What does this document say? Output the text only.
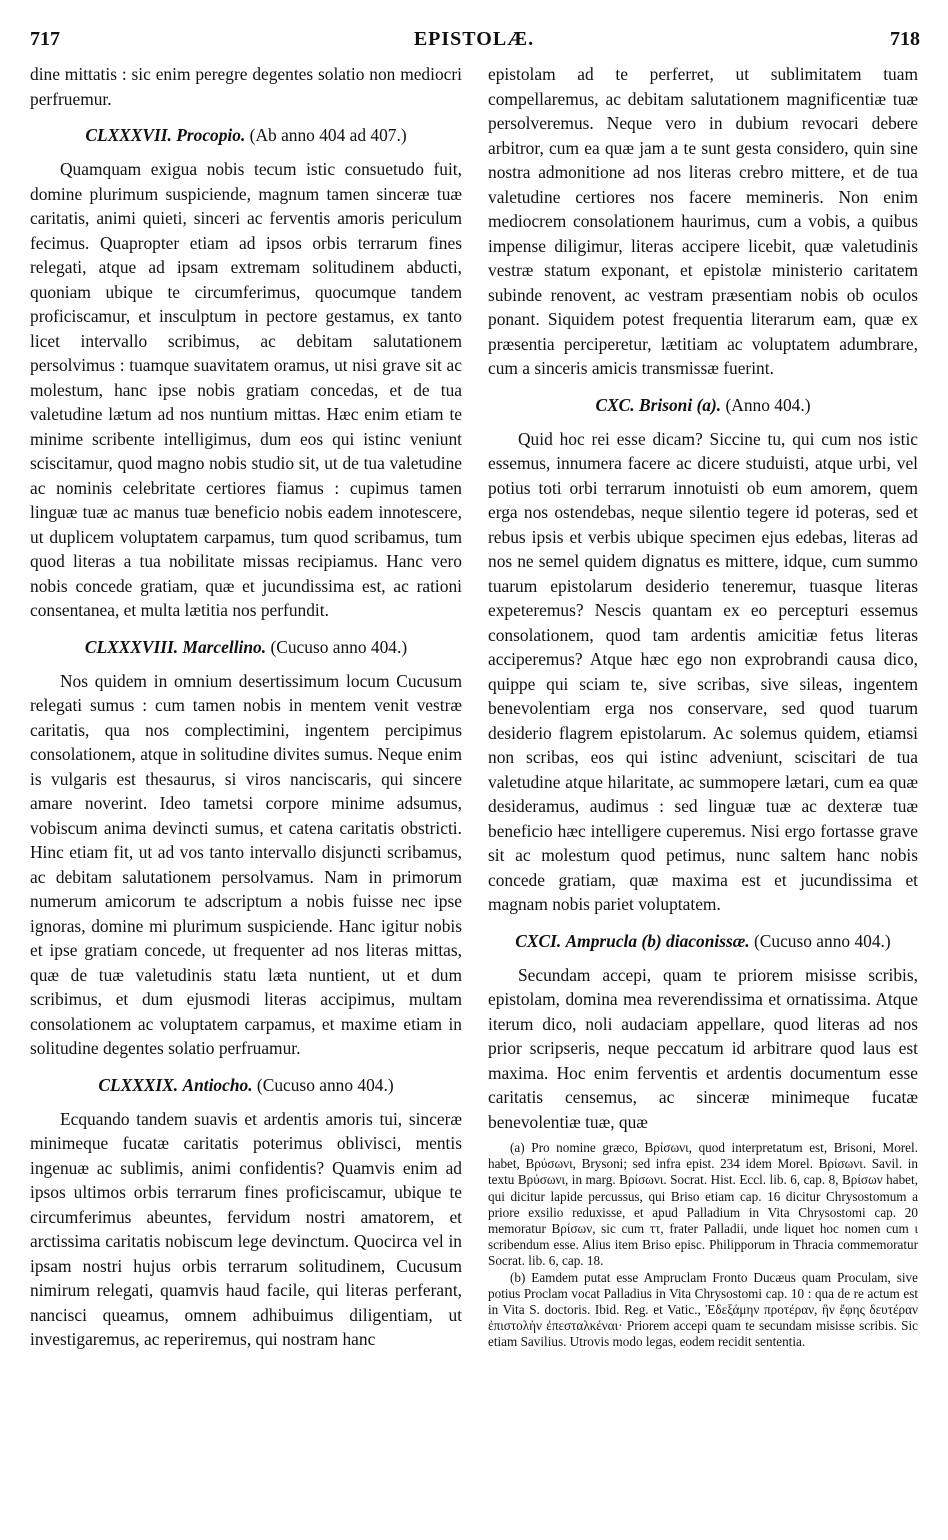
717	EPISTOLÆ.	718

dine mittatis : sic enim peregre degentes solatio non mediocri perfruemur.

CLXXXVII. Procopio. (Ab anno 404 ad 407.)

Quamquam exigua nobis tecum istic consuetudo fuit, domine plurimum suspiciende, magnum tamen sinceræ tuæ caritatis, animi quieti, sinceri ac ferventis amoris periculum fecimus. Quapropter etiam ad ipsos orbis terrarum fines relegati, atque ad ipsam extremam solitudinem abducti, quoniam ubique te circumferimus, quocumque tandem proficiscamur, et insculptum in pectore gestamus, ex tanto licet intervallo scribimus, ac debitam salutationem persolvimus : tuamque suavitatem oramus, ut nisi grave sit ac molestum, hanc ipse nobis gratiam concedas, et de tua valetudine lætum ad nos nuntium mittas. Hæc enim etiam te minime scribente intelligimus, dum eos qui istinc veniunt sciscitamur, quod magno nobis studio sit, ut de tua valetudine ac nominis celebritate certiores fiamus : cupimus tamen linguæ tuæ ac manus tuæ beneficio nobis eadem innotescere, ut duplicem voluptatem carpamus, tum quod scribamus, tum quod literas a tua nobilitate missas recipiamus. Hanc vero nobis concede gratiam, quæ et jucundissima est, ac rationi consentanea, et multa lætitia nos perfundit.

CLXXXVIII. Marcellino. (Cucuso anno 404.)

Nos quidem in omnium desertissimum locum Cucusum relegati sumus : cum tamen nobis in mentem venit vestræ caritatis, qua nos complectimini, ingentem percipimus consolationem, atque in solitudine divites sumus. Neque enim is vulgaris est thesaurus, si viros nanciscaris, qui sincere amare noverint. Ideo tametsi corpore minime adsumus, vobiscum anima devincti sumus, et catena caritatis obstricti. Hinc etiam fit, ut ad vos tanto intervallo disjuncti scribamus, ac debitam salutationem persolvamus. Nam in primorum numerum amicorum te adscriptum a nobis fuisse nec ipse ignoras, domine mi plurimum suspiciende. Hanc igitur nobis et ipse gratiam concede, ut frequenter ad nos literas mittas, quæ de tuæ valetudinis statu læta nuntient, ut et dum scribimus, et dum ejusmodi literas accipimus, multam consolationem ac voluptatem carpamus, et maxime etiam in solitudine degentes solatio perfruamur.

CLXXXIX. Antiocho. (Cucuso anno 404.)

Ecquando tandem suavis et ardentis amoris tui, sinceræ minimeque fucatæ caritatis poterimus oblivisci, mentis ingenuæ ac sublimis, animi confidentis? Quamvis enim ad ipsos ultimos orbis terrarum fines proficiscamur, ubique te circumferimus abeuntes, fervidum nostri amatorem, et arctissima caritatis nobiscum lege devinctum. Quocirca vel in ipsam nostri hujus orbis terrarum solitudinem, Cucusum nimirum relegati, quamvis haud facile, qui literas perferant, nancisci queamus, omnem adhibuimus diligentiam, ut investigaremus, ac reperiremus, qui nostram hanc

epistolam ad te perferret, ut sublimitatem tuam compellaremus, ac debitam salutationem magnificentiæ tuæ persolveremus. Neque vero in dubium revocari debere arbitror, cum ea quæ jam a te sunt gesta considero, quin sine nostra admonitione ad nos literas crebro mittere, et de tua valetudine certiores nos facere memineris. Non enim mediocrem consolationem haurimus, cum a vobis, a quibus impense diligimur, literas accipere licebit, quæ valetudinis vestræ statum exponant, et epistolæ ministerio caritatem subinde renovent, ac vestram præsentiam nobis ob oculos ponant. Siquidem potest frequentia literarum eam, quæ ex præsentia perciperetur, lætitiam ac voluptatem adumbrare, cum a sinceris amicis transmissæ fuerint.

CXC. Brisoni (a). (Anno 404.)

Quid hoc rei esse dicam? Siccine tu, qui cum nos istic essemus, innumera facere ac dicere studuisti, atque urbi, vel potius toti orbi terrarum innotuisti ob eum amorem, quem erga nos ostendebas, neque silentio tegere id poteras, sed et rebus ipsis et verbis ubique specimen ejus edebas, literas ad nos ne semel quidem dignatus es mittere, idque, cum summo tuarum epistolarum desiderio teneremur, tuasque literas expeteremus? Nescis quantam ex eo percepturi essemus consolationem, quod tam ardentis amicitiæ fetus literas acciperemus? Atque hæc ego non exprobrandi causa dico, quippe qui sciam te, sive scribas, sive sileas, ingentem benevolentiam erga nos conservare, sed quod tuarum desiderio flagrem epistolarum. Ac solemus quidem, etiamsi non scribas, eos qui istinc adveniunt, sciscitari de tua valetudine atque hilaritate, ac summopere lætari, cum ea quæ desideramus, audimus : sed linguæ tuæ ac dexteræ tuæ beneficio hæc intelligere cuperemus. Nisi ergo fortasse grave sit ac molestum quod petimus, nunc saltem hanc nobis concede gratiam, quæ maxima est et jucundissima et magnam nobis pariet voluptatem.

CXCI. Amprucla (b) diaconissæ. (Cucuso anno 404.)

Secundam accepi, quam te priorem misisse scribis, epistolam, domina mea reverendissima et ornatissima. Atque iterum dico, noli audaciam appellare, quod literas ad nos prior scripseris, neque peccatum id arbitrare quod laus est maxima. Hoc enim ferventis et ardentis documentum esse caritatis censemus, ac sinceræ minimeque fucatæ benevolentiæ tuæ, quæ

(a) Pro nomine græco, Βρίσωνι, quod interpretatum est, Brisoni, Morel. habet, Βρύσωνι, Brysoni; sed infra epist. 234 idem Morel. Βρίσωνι. Savil. in textu Βρύσωνι, in marg. Βρίσωνι. Socrat. Hist. Eccl. lib. 6, cap. 8, Βρίσων habet, qui dicitur lapide percussus, qui Briso etiam cap. 16 dicitur Chrysostomum a priore exsilio reduxisse, et apud Palladium in Vita Chrysostomi cap. 20 memoratur Βρίσων, sic cum ττ, frater Palladii, unde liquet hoc nomen cum ι scribendum esse. Alius item Briso episc. Philipporum in Thracia commemoratur Socrat. lib. 6, cap. 18.

(b) Eamdem putat esse Ampruclam Fronto Ducæus quam Proculam, sive potius Proclam vocat Palladius in Vita Chrysostomi cap. 10 : qua de re actum est in Vita S. doctoris. Ibid. Reg. et Vatic., Ἐδεξάμην προτέραν, ἣν ἔφης δευτέραν ἐπιστολὴν ἐπεσταλκέναι· Priorem accepi quam te secundam misisse scribis. Sic etiam Savilius. Utrovis modo legas, eodem recidit sententia.
